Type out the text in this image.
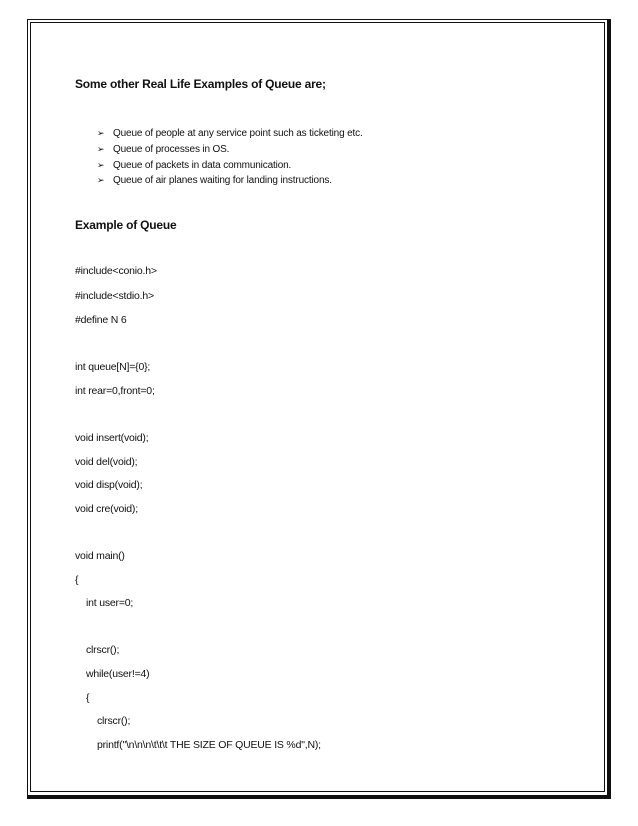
Some other Real Life Examples of Queue are;
➢ Queue of people at any service point such as ticketing etc.
➢ Queue of processes in OS.
➢ Queue of packets in data communication.
➢ Queue of air planes waiting for landing instructions.
Example of Queue
#include<conio.h>
#include<stdio.h>
#define N 6
int queue[N]={0};
int rear=0,front=0;
void insert(void);
void del(void);
void disp(void);
void cre(void);
void main()
{
int user=0;
clrscr();
while(user!=4)
{
clrscr();
printf("\n\n\n\t\t\t THE SIZE OF QUEUE IS %d",N);
